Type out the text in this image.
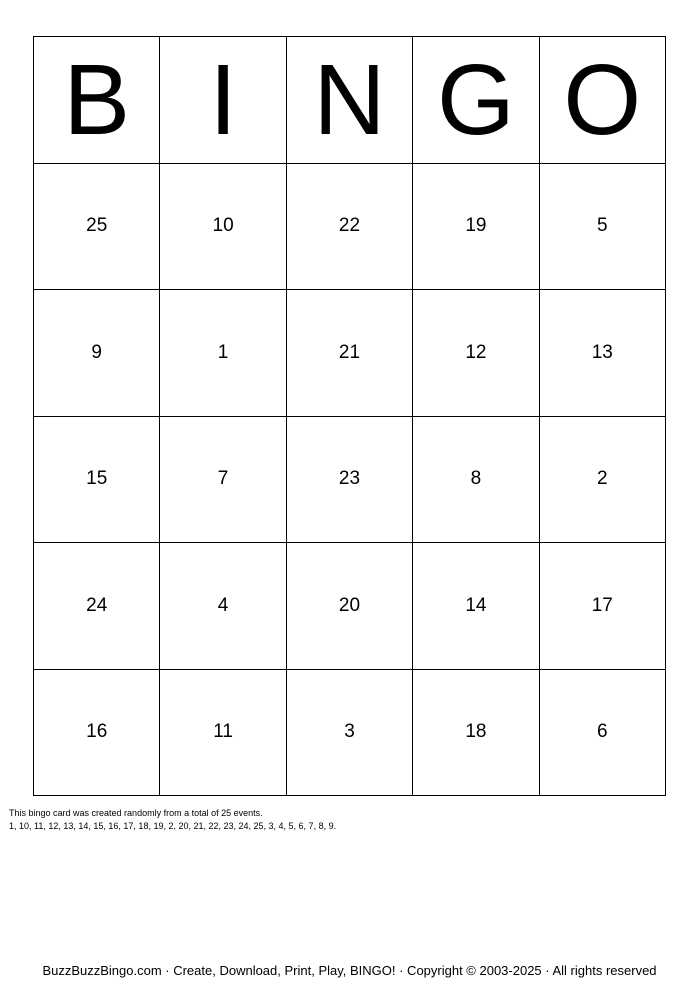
B I N G O
25	10	22	19	5
9	1	21	12	13
15	7	23	8	2
24	4	20	14	17
16	11	3	18	6
This bingo card was created randomly from a total of 25 events.
1, 10, 11, 12, 13, 14, 15, 16, 17, 18, 19, 2, 20, 21, 22, 23, 24, 25, 3, 4, 5, 6, 7, 8, 9.
BuzzBuzzBingo.com · Create, Download, Print, Play, BINGO! · Copyright © 2003-2025 · All rights reserved
